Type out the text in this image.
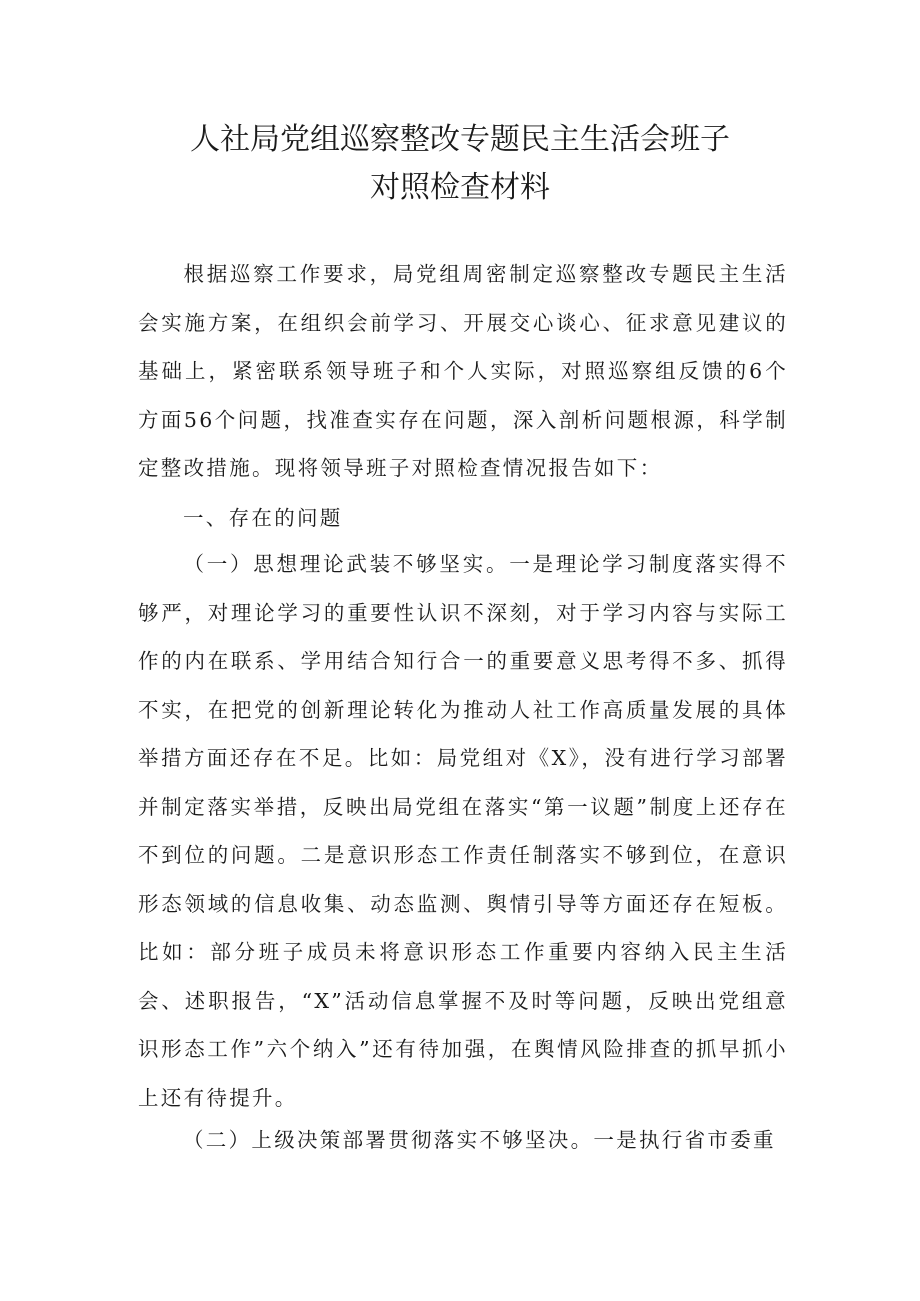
人社局党组巡察整改专题民主生活会班子
对照检查材料

根据巡察工作要求，局党组周密制定巡察整改专题民主生活会实施方案，在组织会前学习、开展交心谈心、征求意见建议的基础上，紧密联系领导班子和个人实际，对照巡察组反馈的6个方面56个问题，找准查实存在问题，深入剖析问题根源，科学制定整改措施。现将领导班子对照检查情况报告如下：

一、存在的问题

（一）思想理论武装不够坚实。一是理论学习制度落实得不够严，对理论学习的重要性认识不深刻，对于学习内容与实际工作的内在联系、学用结合知行合一的重要意义思考得不多、抓得不实，在把党的创新理论转化为推动人社工作高质量发展的具体举措方面还存在不足。比如：局党组对《X》，没有进行学习部署并制定落实举措，反映出局党组在落实“第一议题”制度上还存在不到位的问题。二是意识形态工作责任制落实不够到位，在意识形态领域的信息收集、动态监测、舆情引导等方面还存在短板。比如：部分班子成员未将意识形态工作重要内容纳入民主生活会、述职报告，“X”活动信息掌握不及时等问题，反映出党组意识形态工作”六个纳入”还有待加强，在舆情风险排查的抓早抓小上还有待提升。

（二）上级决策部署贯彻落实不够坚决。一是执行省市委重
